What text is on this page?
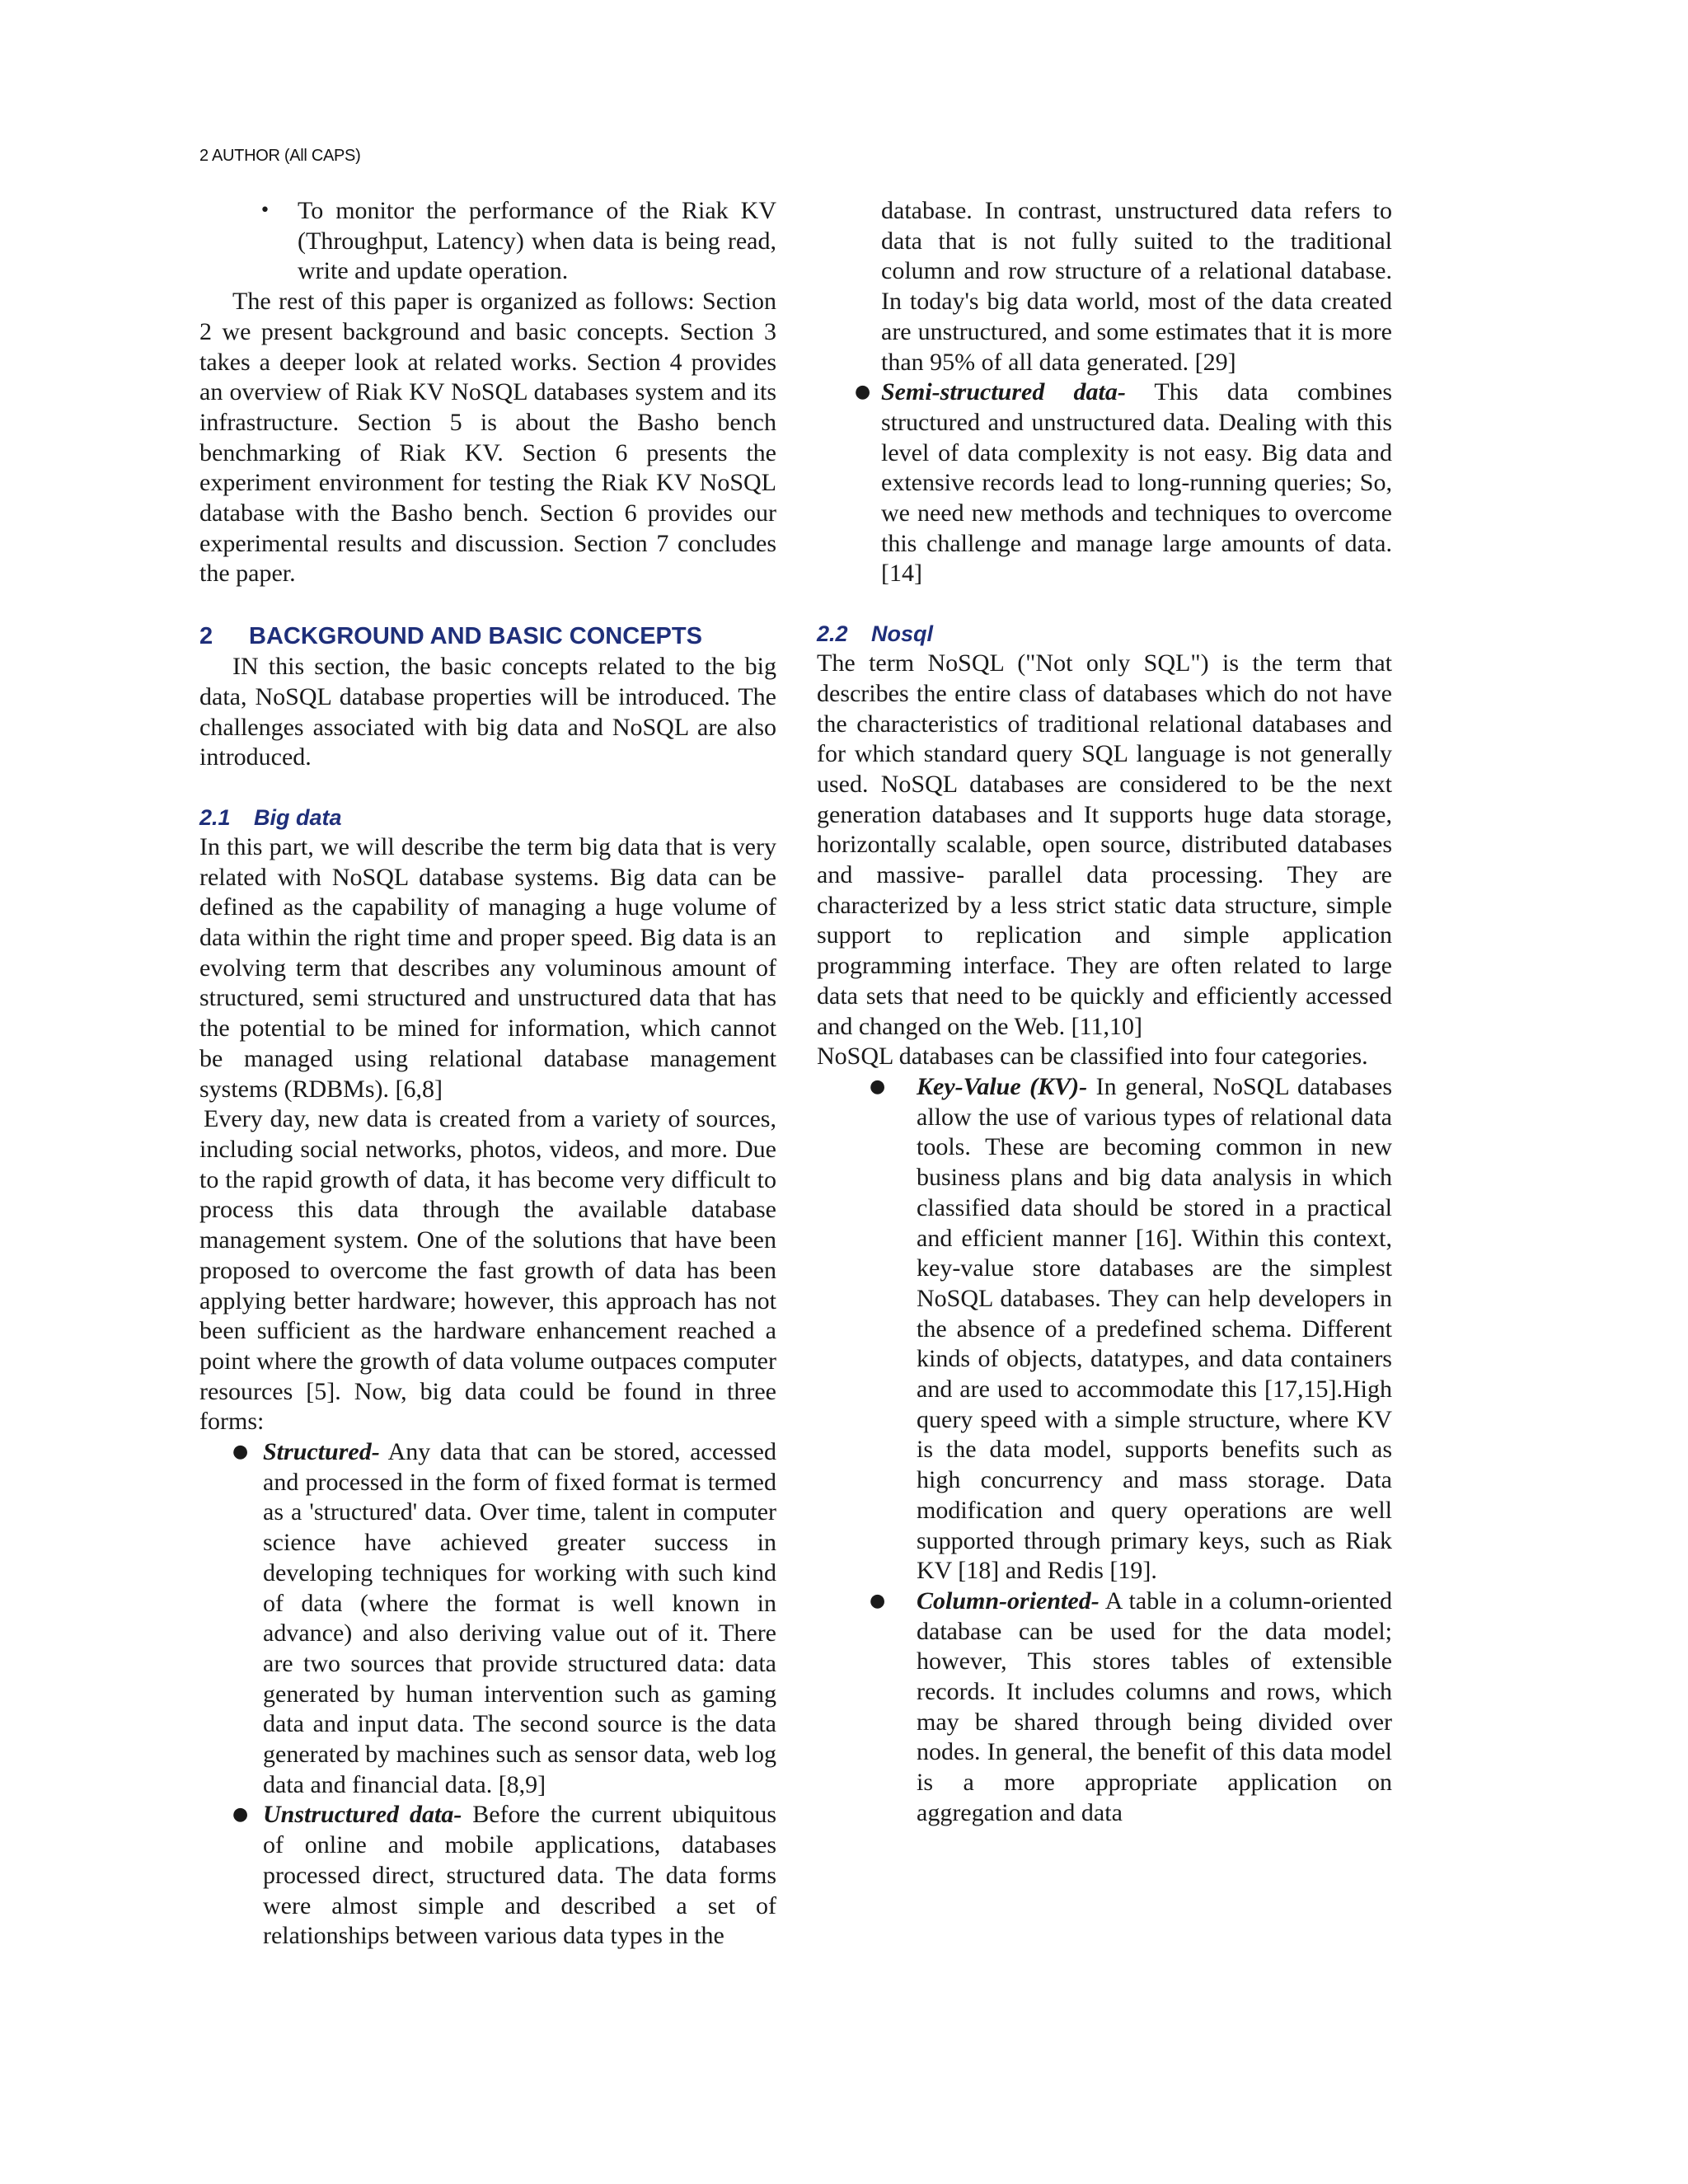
2 AUTHOR (All CAPS)
• To monitor the performance of the Riak KV (Throughput, Latency) when data is being read, write and update operation.

The rest of this paper is organized as follows: Section 2 we present background and basic concepts. Section 3 takes a deeper look at related works. Section 4 provides an overview of Riak KV NoSQL databases system and its infrastructure. Section 5 is about the Basho bench benchmarking of Riak KV. Section 6 presents the experiment environment for testing the Riak KV NoSQL database with the Basho bench. Section 6 provides our experimental results and discussion. Section 7 concludes the paper.

2 BACKGROUND AND BASIC CONCEPTS

IN this section, the basic concepts related to the big data, NoSQL database properties will be introduced. The challenges associated with big data and NoSQL are also introduced.

2.1 Big data

In this part, we will describe the term big data that is very related with NoSQL database systems. Big data can be defined as the capability of managing a huge volume of data within the right time and proper speed. Big data is an evolving term that describes any voluminous amount of structured, semi structured and unstructured data that has the potential to be mined for information, which cannot be managed using relational database management systems (RDBMs). [6,8]

Every day, new data is created from a variety of sources, including social networks, photos, videos, and more. Due to the rapid growth of data, it has become very difficult to process this data through the available database management system. One of the solutions that have been proposed to overcome the fast growth of data has been applying better hardware; however, this approach has not been sufficient as the hardware enhancement reached a point where the growth of data volume outpaces computer resources [5]. Now, big data could be found in three forms:

● Structured- Any data that can be stored, accessed and processed in the form of fixed format is termed as a 'structured' data. Over time, talent in computer science have achieved greater success in developing techniques for working with such kind of data (where the format is well known in advance) and also deriving value out of it. There are two sources that provide structured data: data generated by human intervention such as gaming data and input data. The second source is the data generated by machines such as sensor data, web log data and financial data. [8,9]
● Unstructured data- Before the current ubiquitous of online and mobile applications, databases processed direct, structured data. The data forms were almost simple and described a set of relationships between various data types in the

database. In contrast, unstructured data refers to data that is not fully suited to the traditional column and row structure of a relational database. In today's big data world, most of the data created are unstructured, and some estimates that it is more than 95% of all data generated. [29]

● Semi-structured data- This data combines structured and unstructured data. Dealing with this level of data complexity is not easy. Big data and extensive records lead to long-running queries; So, we need new methods and techniques to overcome this challenge and manage large amounts of data.[14]
2.2 Nosql

The term NoSQL ("Not only SQL") is the term that describes the entire class of databases which do not have the characteristics of traditional relational databases and for which standard query SQL language is not generally used. NoSQL databases are considered to be the next generation databases and It supports huge data storage, horizontally scalable, open source, distributed databases and massive- parallel data processing. They are characterized by a less strict static data structure, simple support to replication and simple application programming interface. They are often related to large data sets that need to be quickly and efficiently accessed and changed on the Web. [11,10]

NoSQL databases can be classified into four categories.

● Key-Value (KV)- In general, NoSQL databases allow the use of various types of relational data tools. These are becoming common in new business plans and big data analysis in which classified data should be stored in a practical and efficient manner [16]. Within this context, key-value store databases are the simplest NoSQL databases. They can help developers in the absence of a predefined schema. Different kinds of objects, datatypes, and data containers and are used to accommodate this [17,15].High query speed with a simple structure, where KV is the data model, supports benefits such as high concurrency and mass storage. Data modification and query operations are well supported through primary keys, such as Riak KV [18] and Redis [19].
● Column-oriented- A table in a column-oriented database can be used for the data model; however, This stores tables of extensible records. It includes columns and rows, which may be shared through being divided over nodes. In general, the benefit of this data model is a more appropriate application on aggregation and data
